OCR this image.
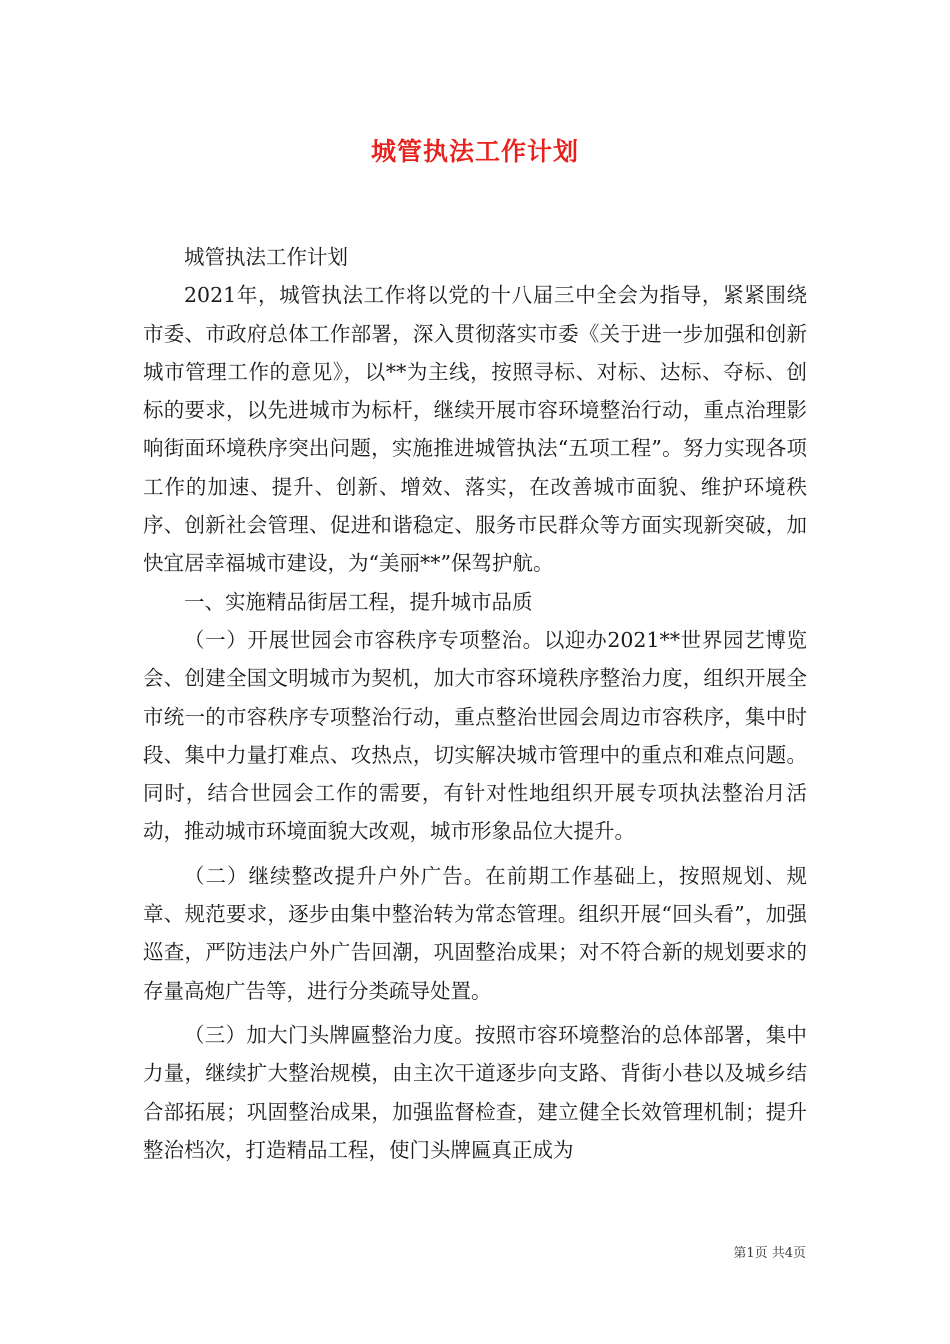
城管执法工作计划

城管执法工作计划

2021年，城管执法工作将以党的十八届三中全会为指导，紧紧围绕市委、市政府总体工作部署，深入贯彻落实市委《关于进一步加强和创新城市管理工作的意见》，以**为主线，按照寻标、对标、达标、夺标、创标的要求，以先进城市为标杆，继续开展市容环境整治行动，重点治理影响街面环境秩序突出问题，实施推进城管执法“五项工程”。努力实现各项工作的加速、提升、创新、增效、落实，在改善城市面貌、维护环境秩序、创新社会管理、促进和谐稳定、服务市民群众等方面实现新突破，加快宜居幸福城市建设，为“美丽**”保驾护航。

一、实施精品街居工程，提升城市品质

（一）开展世园会市容秩序专项整治。以迎办2021**世界园艺博览会、创建全国文明城市为契机，加大市容环境秩序整治力度，组织开展全市统一的市容秩序专项整治行动，重点整治世园会周边市容秩序，集中时段、集中力量打难点、攻热点，切实解决城市管理中的重点和难点问题。同时，结合世园会工作的需要，有针对性地组织开展专项执法整治月活动，推动城市环境面貌大改观，城市形象品位大提升。

（二）继续整改提升户外广告。在前期工作基础上，按照规划、规章、规范要求，逐步由集中整治转为常态管理。组织开展“回头看”，加强巡查，严防违法户外广告回潮，巩固整治成果；对不符合新的规划要求的存量高炮广告等，进行分类疏导处置。

（三）加大门头牌匾整治力度。按照市容环境整治的总体部署，集中力量，继续扩大整治规模，由主次干道逐步向支路、背街小巷以及城乡结合部拓展；巩固整治成果，加强监督检查，建立健全长效管理机制；提升整治档次，打造精品工程，使门头牌匾真正成为

第1页 共4页
